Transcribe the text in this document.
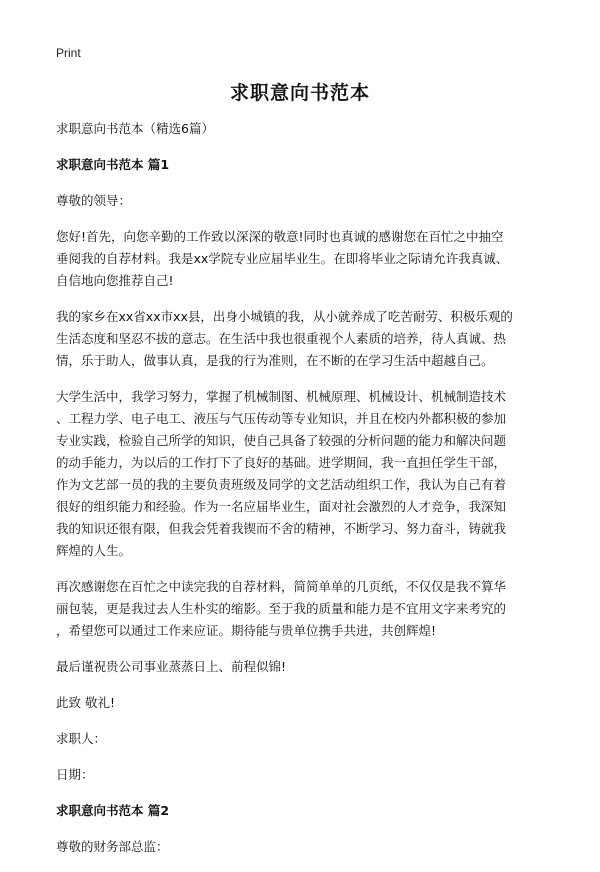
Print
求职意向书范本
求职意向书范本（精选6篇）
求职意向书范本 篇1
尊敬的领导：
您好!首先，向您辛勤的工作致以深深的敬意!同时也真诚的感谢您在百忙之中抽空
垂阅我的自荐材料。我是xx学院专业应届毕业生。在即将毕业之际请允许我真诚、
自信地向您推荐自己!
我的家乡在xx省xx市xx县，出身小城镇的我，从小就养成了吃苦耐劳、积极乐观的
生活态度和坚忍不拔的意志。在生活中我也很重视个人素质的培养，待人真诚、热
情，乐于助人，做事认真，是我的行为准则，在不断的在学习生活中超越自己。
大学生活中，我学习努力，掌握了机械制图、机械原理、机械设计、机械制造技术
、工程力学、电子电工、液压与气压传动等专业知识，并且在校内外都积极的参加
专业实践，检验自己所学的知识，使自己具备了较强的分析问题的能力和解决问题
的动手能力，为以后的工作打下了良好的基础。进学期间，我一直担任学生干部，
作为文艺部一员的我的主要负责班级及同学的文艺活动组织工作，我认为自己有着
很好的组织能力和经验。作为一名应届毕业生，面对社会激烈的人才竞争，我深知
我的知识还很有限，但我会凭着我锲而不舍的精神，不断学习、努力奋斗，铸就我
辉煌的人生。
再次感谢您在百忙之中读完我的自荐材料，简简单单的几页纸，不仅仅是我不算华
丽包装，更是我过去人生朴实的缩影。至于我的质量和能力是不宜用文字来考究的
，希望您可以通过工作来应证。期待能与贵单位携手共进，共创辉煌!
最后谨祝贵公司事业蒸蒸日上、前程似锦!
此致 敬礼!
求职人：
日期：
求职意向书范本 篇2
尊敬的财务部总监：
